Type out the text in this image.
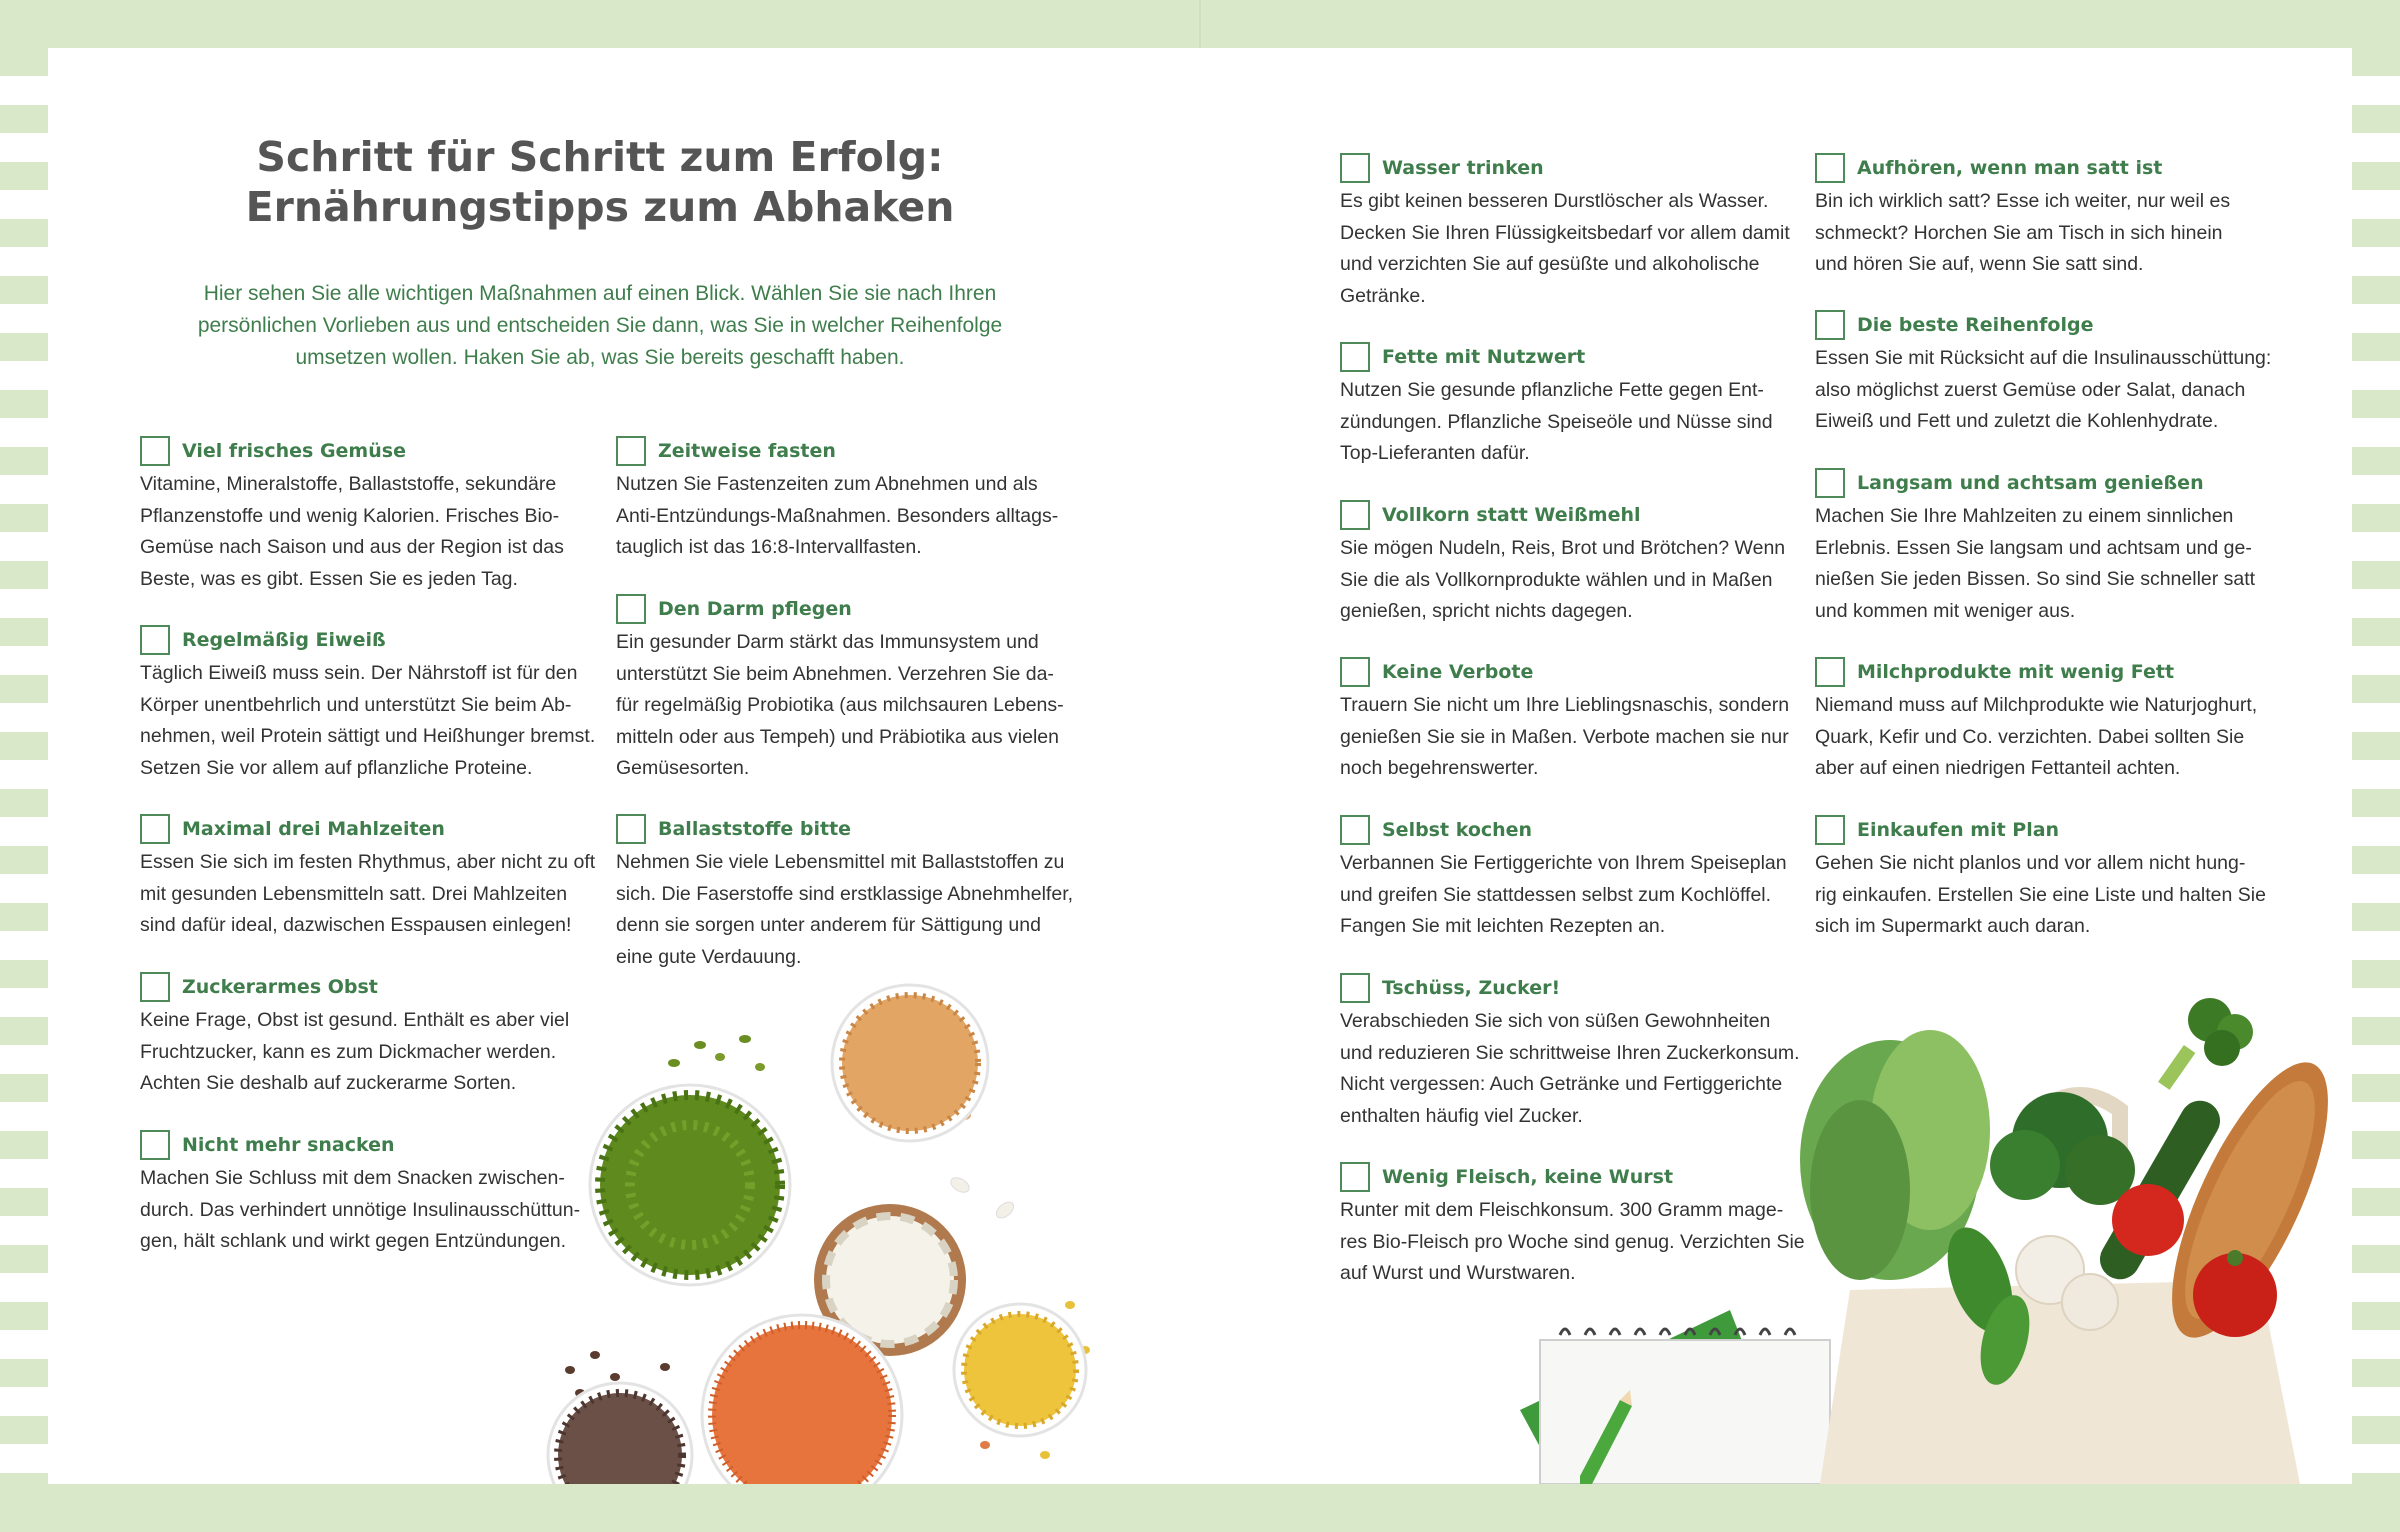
Schritt für Schritt zum Erfolg:
Ernährungstipps zum Abhaken
Hier sehen Sie alle wichtigen Maßnahmen auf einen Blick. Wählen Sie sie nach Ihren
persönlichen Vorlieben aus und entscheiden Sie dann, was Sie in welcher Reihenfolge
umsetzen wollen. Haken Sie ab, was Sie bereits geschafft haben.
Viel frisches Gemüse
Vitamine, Mineralstoffe, Ballaststoffe, sekundäre
Pflanzenstoffe und wenig Kalorien. Frisches Bio-
Gemüse nach Saison und aus der Region ist das
Beste, was es gibt. Essen Sie es jeden Tag.
Regelmäßig Eiweiß
Täglich Eiweiß muss sein. Der Nährstoff ist für den
Körper unentbehrlich und unterstützt Sie beim Ab-
nehmen, weil Protein sättigt und Heißhunger bremst.
Setzen Sie vor allem auf pflanzliche Proteine.
Maximal drei Mahlzeiten
Essen Sie sich im festen Rhythmus, aber nicht zu oft
mit gesunden Lebensmitteln satt. Drei Mahlzeiten
sind dafür ideal, dazwischen Esspausen einlegen!
Zuckerarmes Obst
Keine Frage, Obst ist gesund. Enthält es aber viel
Fruchtzucker, kann es zum Dickmacher werden.
Achten Sie deshalb auf zuckerarme Sorten.
Nicht mehr snacken
Machen Sie Schluss mit dem Snacken zwischen-
durch. Das verhindert unnötige Insulinausschüttun-
gen, hält schlank und wirkt gegen Entzündungen.
Zeitweise fasten
Nutzen Sie Fastenzeiten zum Abnehmen und als
Anti-Entzündungs-Maßnahmen. Besonders alltags-
tauglich ist das 16:8-Intervallfasten.
Den Darm pflegen
Ein gesunder Darm stärkt das Immunsystem und
unterstützt Sie beim Abnehmen. Verzehren Sie da-
für regelmäßig Probiotika (aus milchsauren Lebens-
mitteln oder aus Tempeh) und Präbiotika aus vielen
Gemüsesorten.
Ballaststoffe bitte
Nehmen Sie viele Lebensmittel mit Ballaststoffen zu
sich. Die Faserstoffe sind erstklassige Abnehmhelfer,
denn sie sorgen unter anderem für Sättigung und
eine gute Verdauung.
Wasser trinken
Es gibt keinen besseren Durstlöscher als Wasser.
Decken Sie Ihren Flüssigkeitsbedarf vor allem damit
und verzichten Sie auf gesüßte und alkoholische
Getränke.
Fette mit Nutzwert
Nutzen Sie gesunde pflanzliche Fette gegen Ent-
zündungen. Pflanzliche Speiseöle und Nüsse sind
Top-Lieferanten dafür.
Vollkorn statt Weißmehl
Sie mögen Nudeln, Reis, Brot und Brötchen? Wenn
Sie die als Vollkornprodukte wählen und in Maßen
genießen, spricht nichts dagegen.
Keine Verbote
Trauern Sie nicht um Ihre Lieblingsnaschis, sondern
genießen Sie sie in Maßen. Verbote machen sie nur
noch begehrenswerter.
Selbst kochen
Verbannen Sie Fertiggerichte von Ihrem Speiseplan
und greifen Sie stattdessen selbst zum Kochlöffel.
Fangen Sie mit leichten Rezepten an.
Tschüss, Zucker!
Verabschieden Sie sich von süßen Gewohnheiten
und reduzieren Sie schrittweise Ihren Zuckerkonsum.
Nicht vergessen: Auch Getränke und Fertiggerichte
enthalten häufig viel Zucker.
Wenig Fleisch, keine Wurst
Runter mit dem Fleischkonsum. 300 Gramm mage-
res Bio-Fleisch pro Woche sind genug. Verzichten Sie
auf Wurst und Wurstwaren.
Aufhören, wenn man satt ist
Bin ich wirklich satt? Esse ich weiter, nur weil es
schmeckt? Horchen Sie am Tisch in sich hinein
und hören Sie auf, wenn Sie satt sind.
Die beste Reihenfolge
Essen Sie mit Rücksicht auf die Insulinausschüttung:
also möglichst zuerst Gemüse oder Salat, danach
Eiweiß und Fett und zuletzt die Kohlenhydrate.
Langsam und achtsam genießen
Machen Sie Ihre Mahlzeiten zu einem sinnlichen
Erlebnis. Essen Sie langsam und achtsam und ge-
nießen Sie jeden Bissen. So sind Sie schneller satt
und kommen mit weniger aus.
Milchprodukte mit wenig Fett
Niemand muss auf Milchprodukte wie Naturjoghurt,
Quark, Kefir und Co. verzichten. Dabei sollten Sie
aber auf einen niedrigen Fettanteil achten.
Einkaufen mit Plan
Gehen Sie nicht planlos und vor allem nicht hung-
rig einkaufen. Erstellen Sie eine Liste und halten Sie
sich im Supermarkt auch daran.
